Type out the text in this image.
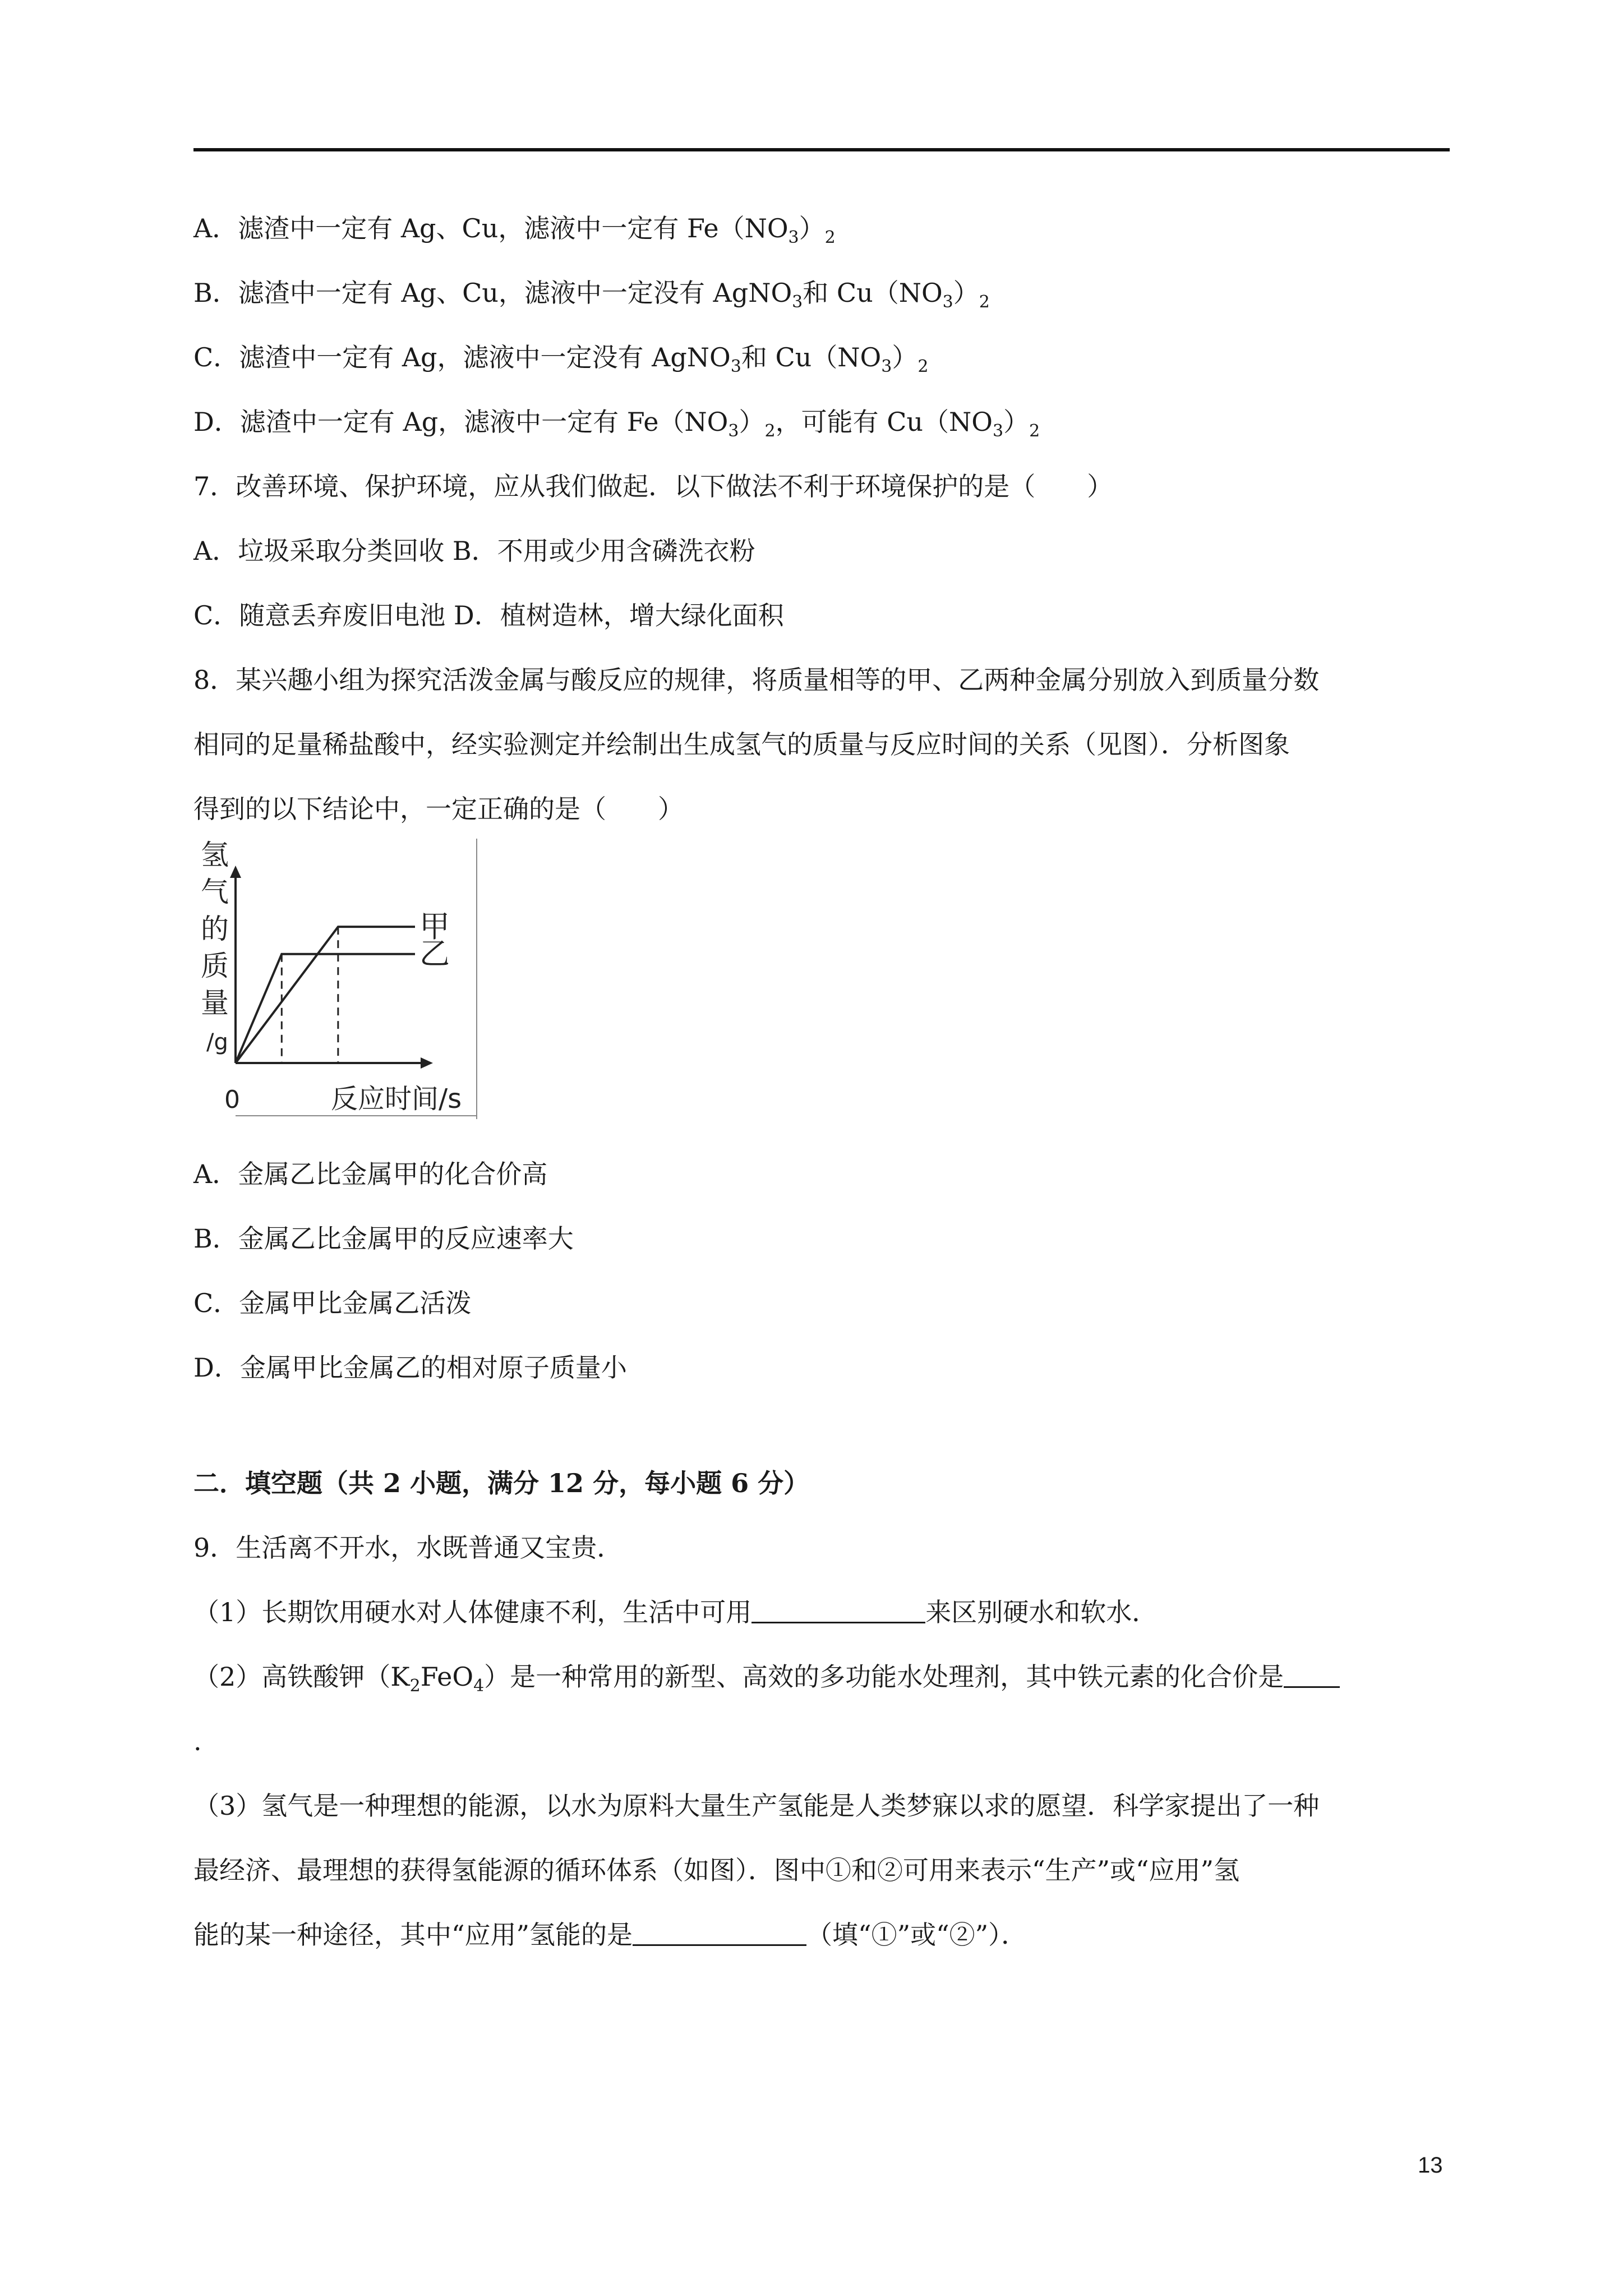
A．滤渣中一定有 Ag、Cu，滤液中一定有 $Fe(NO_3)_2$
B．滤渣中一定有 Ag、Cu，滤液中一定没有 AgNO$_3$和 $Cu(NO_3)_2$
C．滤渣中一定有 Ag，滤液中一定没有 AgNO$_3$和 $Cu(NO_3)_2$
D．滤渣中一定有 Ag，滤液中一定有 $Fe(NO_3)_2$，可能有 $Cu(NO_3)_2$
7．改善环境、保护环境，应从我们做起．以下做法不利于环境保护的是（　　）
A．垃圾采取分类回收 B．不用或少用含磷洗衣粉
C．随意丢弃废旧电池 D．植树造林，增大绿化面积
8．某兴趣小组为探究活泼金属与酸反应的规律，将质量相等的甲、乙两种金属分别放入到质量分数
相同的足量稀盐酸中，经实验测定并绘制出生成氢气的质量与反应时间的关系（见图）．分析图象
得到的以下结论中，一定正确的是（　　）
氢
气
的
质
量
/g
0	反应时间/s
甲
乙
A．金属乙比金属甲的化合价高
B．金属乙比金属甲的反应速率大
C．金属甲比金属乙活泼
D．金属甲比金属乙的相对原子质量小
二．填空题（共 2 小题，满分 12 分，每小题 6 分）
9．生活离不开水，水既普通又宝贵．
（1）长期饮用硬水对人体健康不利，生活中可用	来区别硬水和软水．
（2）高铁酸钾$(K_2FeO_4)$是一种常用的新型、高效的多功能水处理剂，其中铁元素的化合价是
.
（3）氢气是一种理想的能源，以水为原料大量生产氢能是人类梦寐以求的愿望．科学家提出了一种
最经济、最理想的获得氢能源的循环体系（如图）．图中①和②可用来表示“生产”或“应用”氢
能的某一种途径，其中“应用”氢能的是	（填“①”或“②”）．
13
